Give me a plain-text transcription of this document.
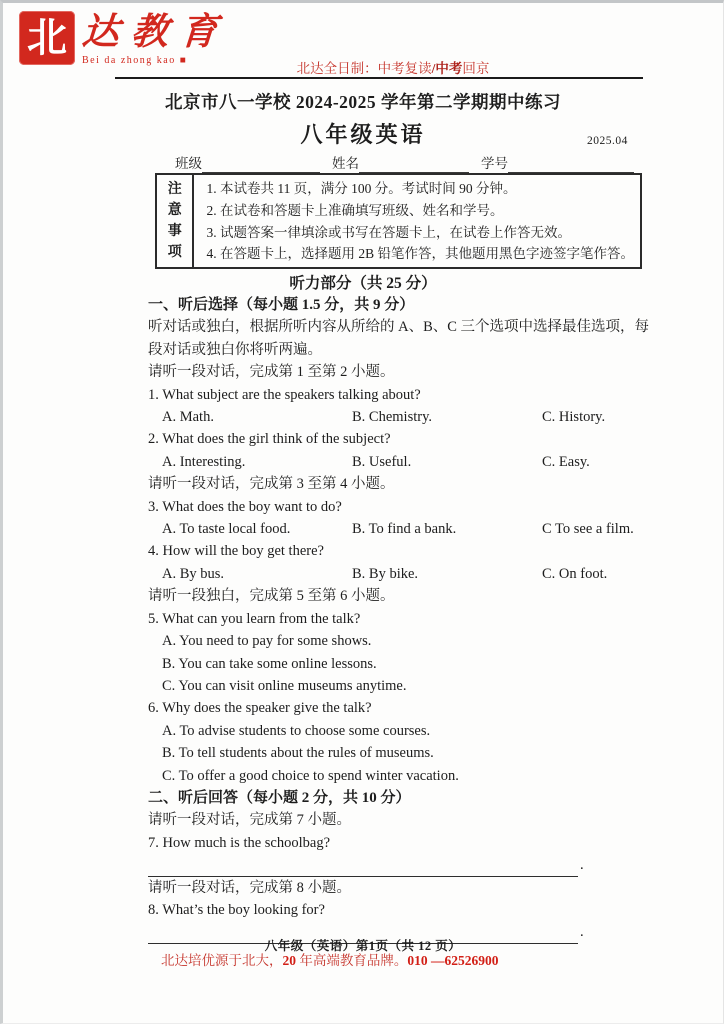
北 达教育
Bei da zhong kao ■
北达全日制：中考复读/中考回京
北京市八一学校 2024-2025 学年第二学期期中练习
八年级英语	2025.04
班级	姓名	学号
注
意
事
项
1. 本试卷共 11 页，满分 100 分。考试时间 90 分钟。
2. 在试卷和答题卡上准确填写班级、姓名和学号。
3. 试题答案一律填涂或书写在答题卡上，在试卷上作答无效。
4. 在答题卡上，选择题用 2B 铅笔作答，其他题用黑色字迹签字笔作答。
听力部分（共 25 分）
一、听后选择（每小题 1.5 分，共 9 分）
听对话或独白，根据所听内容从所给的 A、B、C 三个选项中选择最佳选项，每
段对话或独白你将听两遍。
请听一段对话，完成第 1 至第 2 小题。
1. What subject are the speakers talking about?
A. Math.	B. Chemistry.	C. History.
2. What does the girl think of the subject?
A. Interesting.	B. Useful.	C. Easy.
请听一段对话，完成第 3 至第 4 小题。
3. What does the boy want to do?
A. To taste local food.	B. To find a bank.	C To see a film.
4. How will the boy get there?
A. By bus.	B. By bike.	C. On foot.
请听一段独白，完成第 5 至第 6 小题。
5. What can you learn from the talk?
A. You need to pay for some shows.
B. You can take some online lessons.
C. You can visit online museums anytime.
6. Why does the speaker give the talk?
A. To advise students to choose some courses.
B. To tell students about the rules of museums.
C. To offer a good choice to spend winter vacation.
二、听后回答（每小题 2 分，共 10 分）
请听一段对话，完成第 7 小题。
7. How much is the schoolbag?
.
请听一段对话，完成第 8 小题。
8. What’s the boy looking for?
.
八年级（英语）第1页（共 12 页）
北达培优源于北大，20 年高端教育品牌。010 —62526900
